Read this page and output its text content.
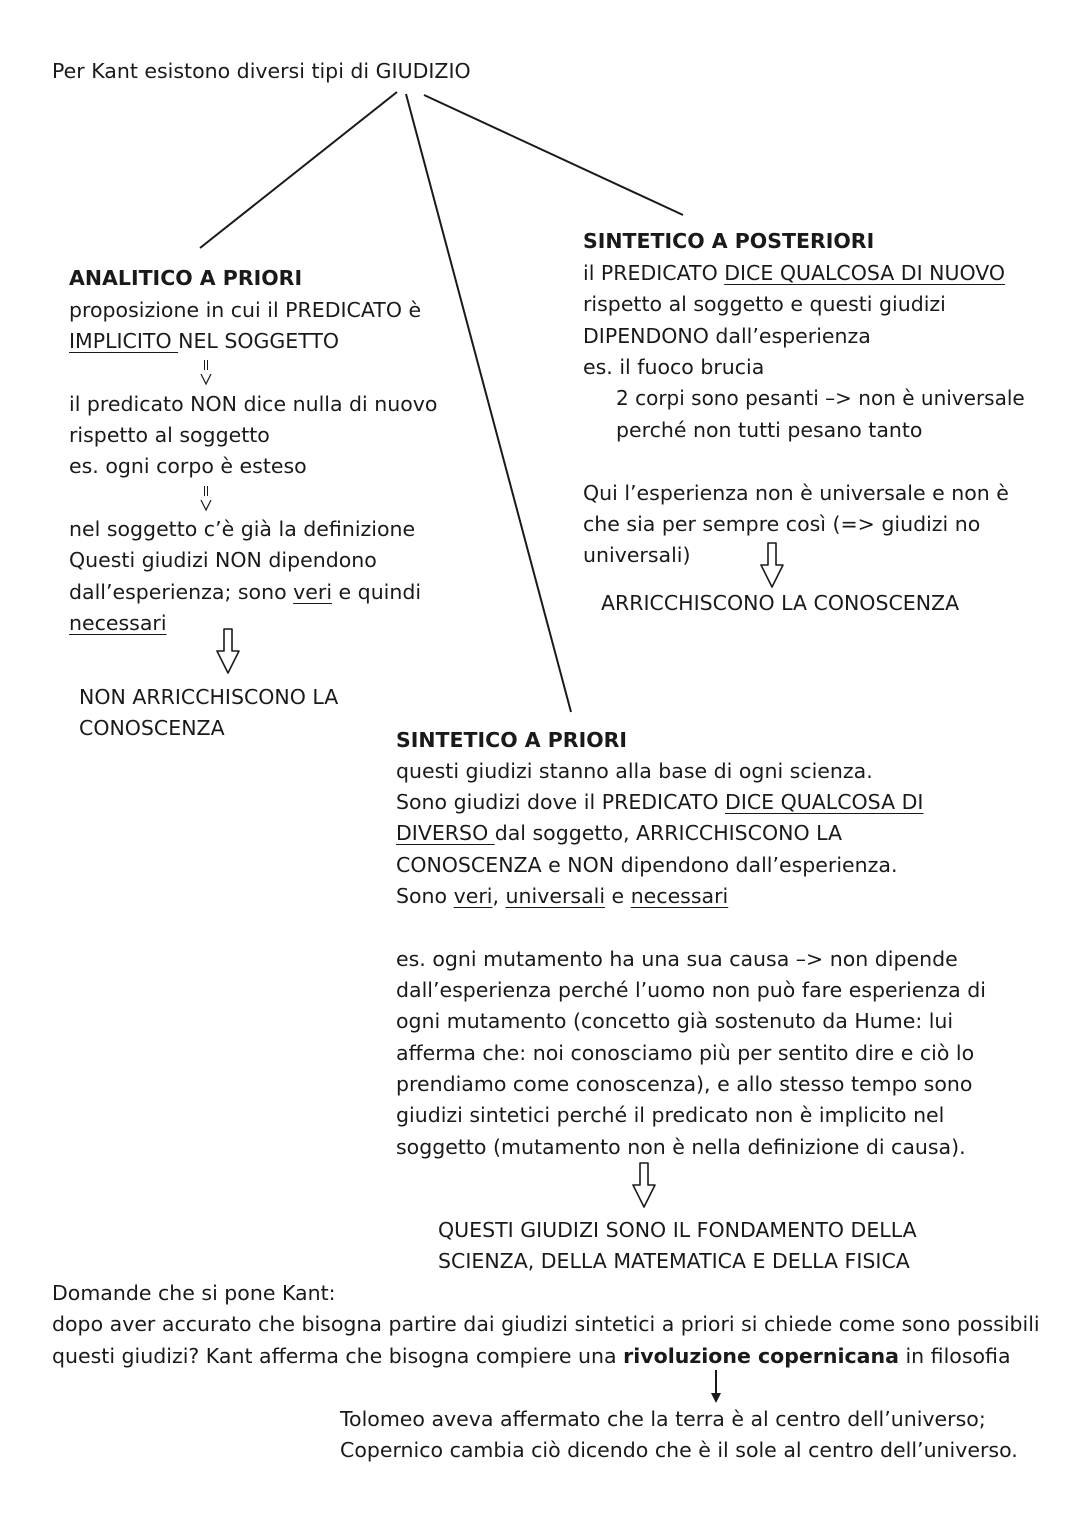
Per Kant esistono diversi tipi di GIUDIZIO

ANALITICO A PRIORI

proposizione in cui il PREDICATO è

IMPLICITO NEL SOGGETTO

il predicato NON dice nulla di nuovo

rispetto al soggetto

es. ogni corpo è esteso

nel soggetto c’è già la definizione

Questi giudizi NON dipendono

dall’esperienza; sono veri e quindi

necessari

NON ARRICCHISCONO LA

CONOSCENZA

SINTETICO A POSTERIORI

il PREDICATO DICE QUALCOSA DI NUOVO

rispetto al soggetto e questi giudizi

DIPENDONO dall’esperienza

es. il fuoco brucia

2 corpi sono pesanti –> non è universale

perché non tutti pesano tanto

Qui l’esperienza non è universale e non è

che sia per sempre così (=> giudizi no

universali)

ARRICCHISCONO LA CONOSCENZA

SINTETICO A PRIORI

questi giudizi stanno alla base di ogni scienza.

Sono giudizi dove il PREDICATO DICE QUALCOSA DI

DIVERSO dal soggetto, ARRICCHISCONO LA

CONOSCENZA e NON dipendono dall’esperienza.

Sono veri, universali e necessari

es. ogni mutamento ha una sua causa –> non dipende

dall’esperienza perché l’uomo non può fare esperienza di

ogni mutamento (concetto già sostenuto da Hume: lui

afferma che: noi conosciamo più per sentito dire e ciò lo

prendiamo come conoscenza), e allo stesso tempo sono

giudizi sintetici perché il predicato non è implicito nel

soggetto (mutamento non è nella definizione di causa).

QUESTI GIUDIZI SONO IL FONDAMENTO DELLA

SCIENZA, DELLA MATEMATICA E DELLA FISICA

Domande che si pone Kant:

dopo aver accurato che bisogna partire dai giudizi sintetici a priori si chiede come sono possibili

questi giudizi? Kant afferma che bisogna compiere una rivoluzione copernicana in filosofia

Tolomeo aveva affermato che la terra è al centro dell’universo;

Copernico cambia ciò dicendo che è il sole al centro dell’universo.
